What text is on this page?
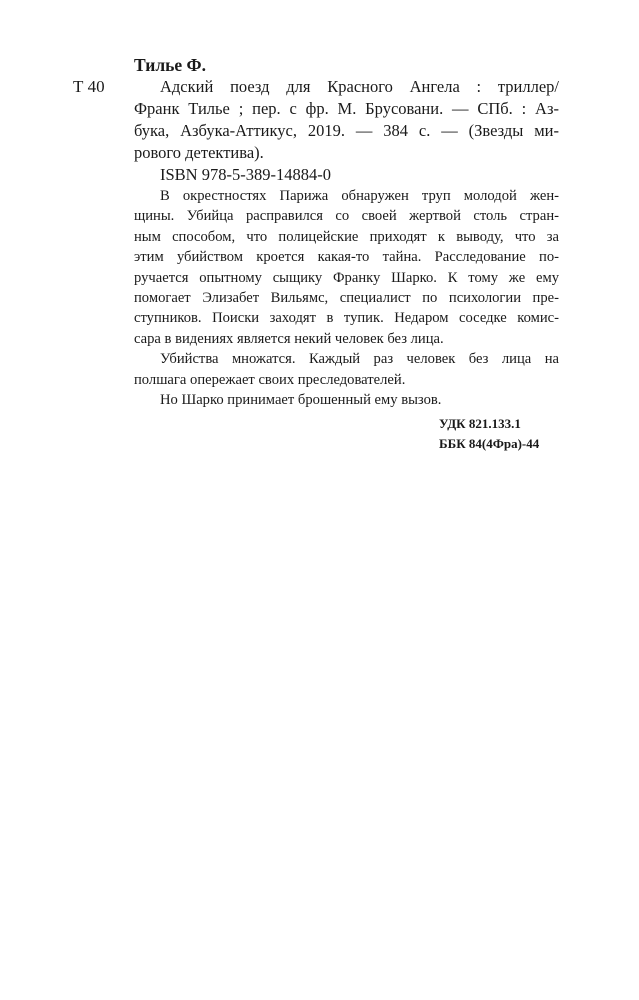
Т 40
Тилье Ф.
Адский поезд для Красного Ангела : триллер/
Франк Тилье ; пер. с фр. М. Брусовани. — СПб. : Аз-
бука, Азбука-Аттикус, 2019. — 384 с. — (Звезды ми-
рового детектива).
ISBN 978-5-389-14884-0
В окрестностях Парижа обнаружен труп молодой жен-
щины. Убийца расправился со своей жертвой столь стран-
ным способом, что полицейские приходят к выводу, что за
этим убийством кроется какая-то тайна. Расследование по-
ручается опытному сыщику Франку Шарко. К тому же ему
помогает Элизабет Вильямс, специалист по психологии пре-
ступников. Поиски заходят в тупик. Недаром соседке комис-
сара в видениях является некий человек без лица.
Убийства множатся. Каждый раз человек без лица на
полшага опережает своих преследователей.
Но Шарко принимает брошенный ему вызов.
УДК 821.133.1
ББК 84(4Фра)-44
